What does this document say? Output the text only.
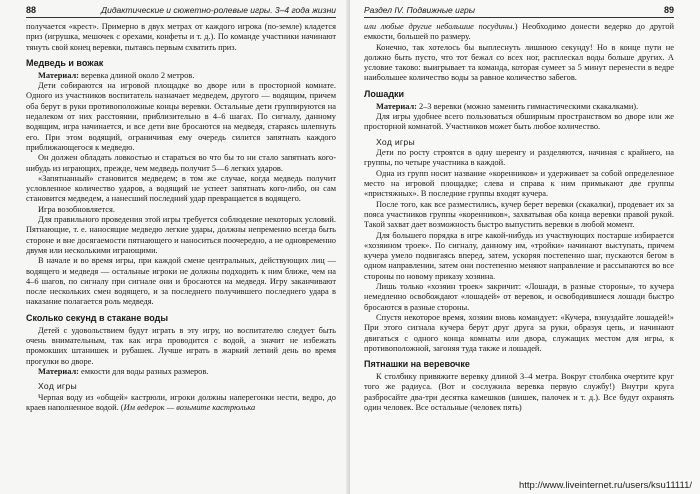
88	Дидактические и сюжетно-ролевые игры. 3–4 года жизни

получается «крест». Примерно в двух метрах от каждого игрока (по-земле) кладется приз (игрушка, мешочек с орехами, конфеты и т. д.). По команде участники начинают тянуть свой конец веревки, пытаясь первым схватить приз.

Медведь и вожак

Материал: веревка длиной около 2 метров.

Дети собираются на игровой площадке во дворе или в просторной комнате. Одного из участников воспитатель назначает медведем, другого — водящим, причем оба берут в руки противоположные концы веревки. Остальные дети группируются на недалеком от них расстоянии, приблизительно в 4–6 шагах. По сигналу, данному водящим, игра начинается, и все дети вне бросаются на медведя, стараясь шлепнуть его. При этом водящий, ограничивая ему очередь силится запятнать каждого приближающегося к медведю.

Он должен обладать ловкостью и стараться во что бы то ни стало запятнать кого-нибудь из играющих, прежде, чем медведь получит 5—6 легких ударов.

«Запятнанный» становится медведем; в том же случае, когда медведь получит условленное количество ударов, а водящий не успеет запятнать кого-либо, он сам становится медведем, а нанесший последний удар превращается в водящего.

Игра возобновляется.

Для правильного проведения этой игры требуется соблюдение некоторых условий. Пятнающие, т. е. наносящие медведю легкие удары, должны непременно всегда быть стороне и вне досягаемости пятнающего и наноситься поочередно, а не одновременно двумя или несколькими играющими.

В начале и во время игры, при каждой смене центральных, действующих лиц — водящего и медведя — остальные игроки не должны подходить к ним ближе, чем на 4–6 шагов, по сигналу при сигнале они и бросаются на медведя. Игру заканчивают после нескольких смен водящего, и за последнего получившего последнего удара в наказание полагается роль медведя.

Сколько секунд в стакане воды

Детей с удовольствием будут играть в эту игру, но воспитателю следует быть очень внимательным, так как игра проводится с водой, а значит не избежать промокших штанишек и рубашек. Лучше играть в жаркий летний день во время прогулки во дворе.

Материал: емкости для воды разных размеров.

Ход игры

Черпая воду из «общей» кастрюли, игроки должны наперегонки нести, ведро, до краев наполненное водой. (Им ведерок — возьмите кастрюлька

Раздел IV. Подвижные игры	89

или любые другие небольшие посудины.) Необходимо донести ведерко до другой емкости, большей по размеру.

Конечно, так хотелось бы выплеснуть лишнюю секунду! Но в конце пути не должно быть пусто, что тот бежал со всех ног, расплескал воды больше других. А условие таково: выигрывает та команда, которая сумеет за 5 минут перенести в ведре наибольшее количество воды за равное количество забегов.

Лошадки

Материал: 2–3 веревки (можно заменить гимнастическими скакалками).

Для игры удобнее всего пользоваться обширным пространством во дворе или же просторной комнатой. Участников может быть любое количество.

Ход игры

Дети по росту строятся в одну шеренгу и разделяются, начиная с крайнего, на группы, по четыре участника в каждой.

Одна из групп носит название «коренников» и удерживает за собой определенное место на игровой площадке; слева и справа к ним примыкают две группы «пристяжных». В последние группы входят кучера.

После того, как все разместились, кучер берет веревки (скакалки), продевает их за пояса участников группы «коренников», захватывая оба конца веревки правой рукой. Такой захват дает возможность быстро выпустить веревки в любой момент.

Для большего порядка в игре какой-нибудь из участвующих постарше избирается «хозяином троек». По сигналу, данному им, «тройки» начинают выступать, причем кучера умело подвигаясь вперед, затем, ускоряя постепенно шаг, пускаются бегом в одном направлении, затем они постепенно меняют направление и рассыпаются во все стороны по новому приказу хозяина.

Лишь только «хозяин троек» закричит: «Лошади, в разные стороны», то кучера немедленно освобождают «лошадей» от веревок, и освободившиеся лошади быстро бросаются в разные стороны.

Спустя некоторое время, хозяин вновь командует: «Кучера, взнуздайте лошадей!» При этого сигнала кучера берут друг друга за руки, образуя цепь, и начинают двигаться с одного конца комнаты или двора, служащих местом для игры, к противоположной, загоняя туда также и лошадей.

Пятнашки на веревочке

К столбику привяжите веревку длиной 3–4 метра. Вокруг столбика очертите круг того же радиуса. (Вот и сослужила веревка первую службу!) Внутри круга разбросайте два-три десятка камешков (шишек, палочек и т. д.). Все будут охранять один человек. Все остальные (человек пять)

http://www.liveinternet.ru/users/ksu11111/
